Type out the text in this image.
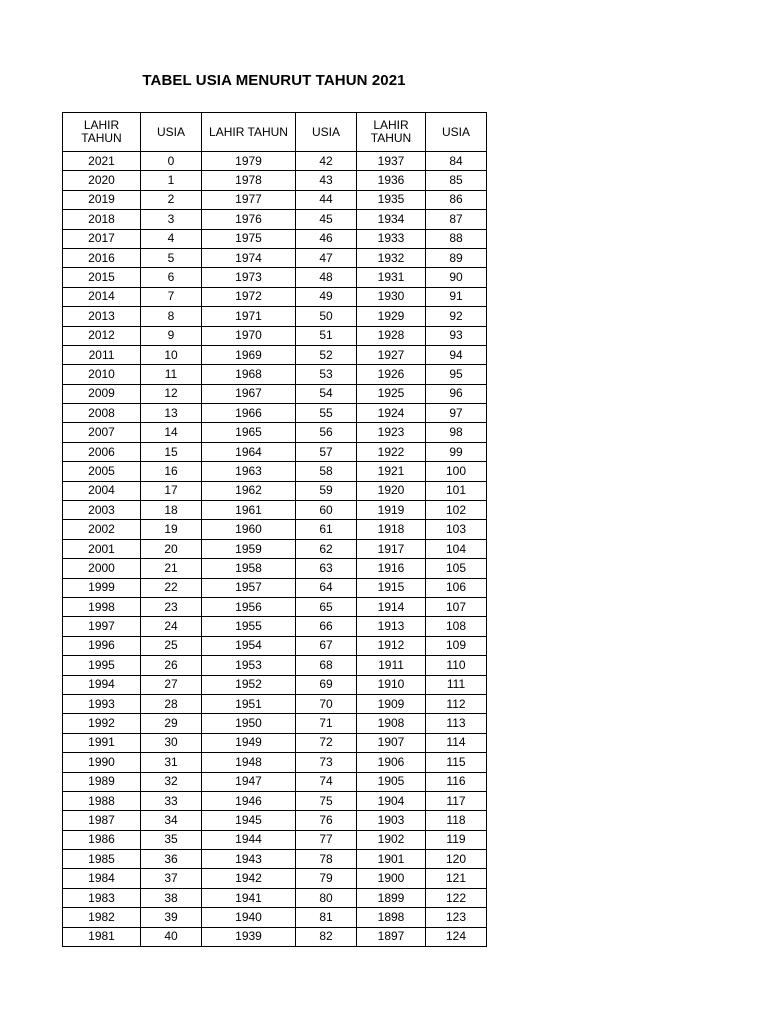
TABEL USIA MENURUT TAHUN 2021
LAHIR
TAHUN	USIA	LAHIR TAHUN	USIA	LAHIR
TAHUN	USIA
2021	0	1979	42	1937	84
2020	1	1978	43	1936	85
2019	2	1977	44	1935	86
2018	3	1976	45	1934	87
2017	4	1975	46	1933	88
2016	5	1974	47	1932	89
2015	6	1973	48	1931	90
2014	7	1972	49	1930	91
2013	8	1971	50	1929	92
2012	9	1970	51	1928	93
2011	10	1969	52	1927	94
2010	11	1968	53	1926	95
2009	12	1967	54	1925	96
2008	13	1966	55	1924	97
2007	14	1965	56	1923	98
2006	15	1964	57	1922	99
2005	16	1963	58	1921	100
2004	17	1962	59	1920	101
2003	18	1961	60	1919	102
2002	19	1960	61	1918	103
2001	20	1959	62	1917	104
2000	21	1958	63	1916	105
1999	22	1957	64	1915	106
1998	23	1956	65	1914	107
1997	24	1955	66	1913	108
1996	25	1954	67	1912	109
1995	26	1953	68	1911	110
1994	27	1952	69	1910	111
1993	28	1951	70	1909	112
1992	29	1950	71	1908	113
1991	30	1949	72	1907	114
1990	31	1948	73	1906	115
1989	32	1947	74	1905	116
1988	33	1946	75	1904	117
1987	34	1945	76	1903	118
1986	35	1944	77	1902	119
1985	36	1943	78	1901	120
1984	37	1942	79	1900	121
1983	38	1941	80	1899	122
1982	39	1940	81	1898	123
1981	40	1939	82	1897	124
